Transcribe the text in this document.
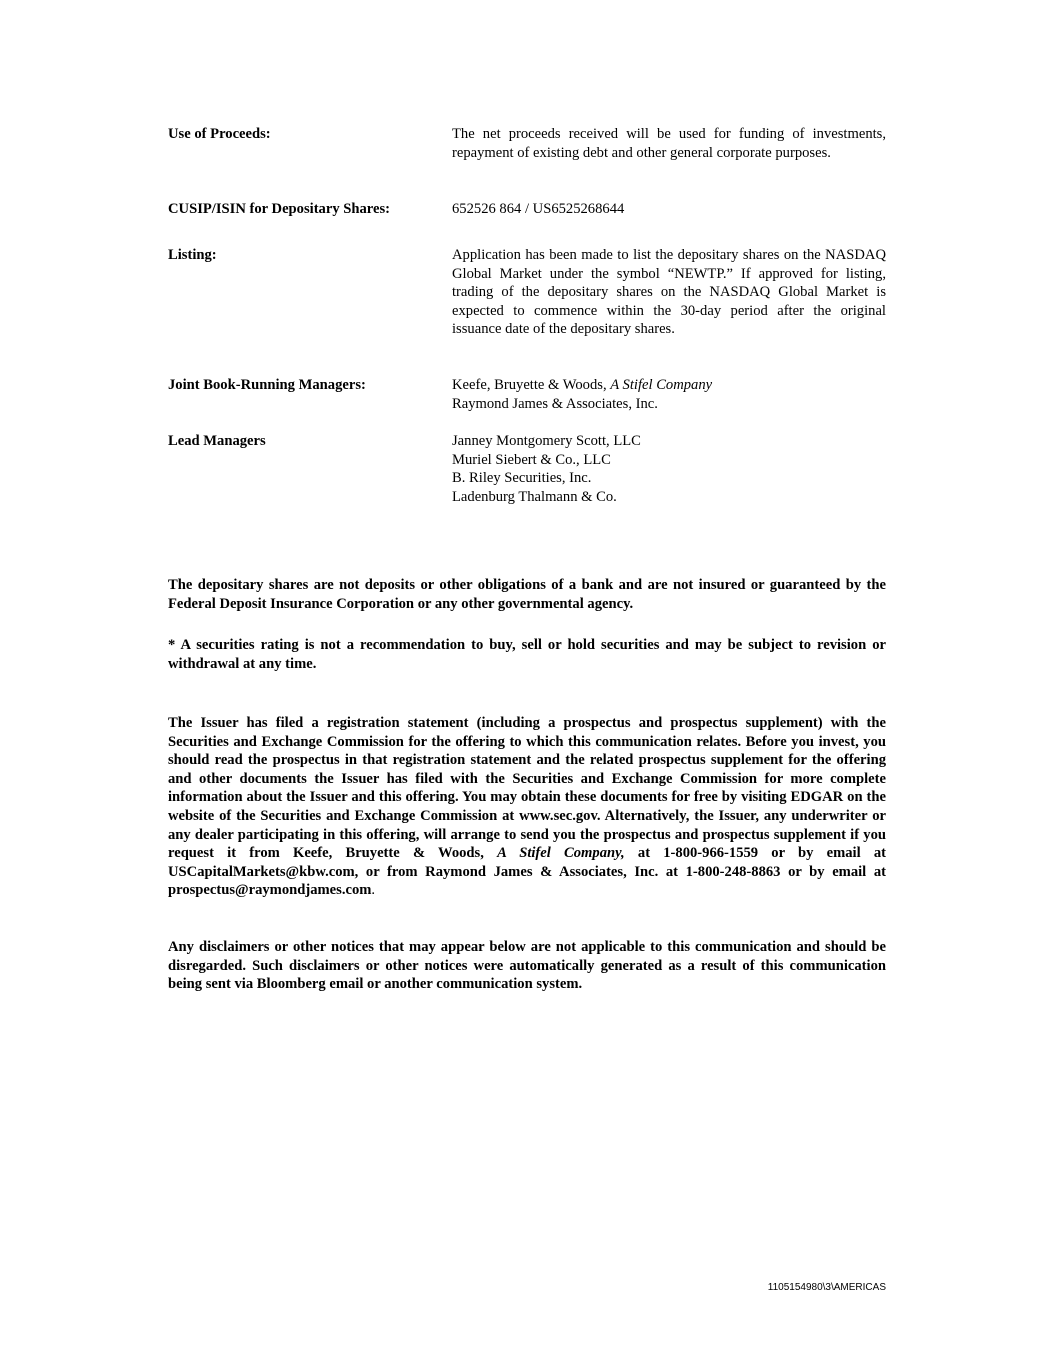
Use of Proceeds:	The net proceeds received will be used for funding of investments, repayment of existing debt and other general corporate purposes.
CUSIP/ISIN for Depositary Shares:	652526 864 / US6525268644
Listing:	Application has been made to list the depositary shares on the NASDAQ Global Market under the symbol “NEWTP.” If approved for listing, trading of the depositary shares on the NASDAQ Global Market is expected to commence within the 30-day period after the original issuance date of the depositary shares.
Joint Book-Running Managers:	Keefe, Bruyette & Woods, A Stifel Company
Raymond James & Associates, Inc.
Lead Managers	Janney Montgomery Scott, LLC
Muriel Siebert & Co., LLC
B. Riley Securities, Inc.
Ladenburg Thalmann & Co.
The depositary shares are not deposits or other obligations of a bank and are not insured or guaranteed by the Federal Deposit Insurance Corporation or any other governmental agency.
* A securities rating is not a recommendation to buy, sell or hold securities and may be subject to revision or withdrawal at any time.
The Issuer has filed a registration statement (including a prospectus and prospectus supplement) with the Securities and Exchange Commission for the offering to which this communication relates. Before you invest, you should read the prospectus in that registration statement and the related prospectus supplement for the offering and other documents the Issuer has filed with the Securities and Exchange Commission for more complete information about the Issuer and this offering. You may obtain these documents for free by visiting EDGAR on the website of the Securities and Exchange Commission at www.sec.gov. Alternatively, the Issuer, any underwriter or any dealer participating in this offering, will arrange to send you the prospectus and prospectus supplement if you request it from Keefe, Bruyette & Woods, A Stifel Company, at 1-800-966-1559 or by email at USCapitalMarkets@kbw.com, or from Raymond James & Associates, Inc. at 1-800-248-8863 or by email at prospectus@raymondjames.com.
Any disclaimers or other notices that may appear below are not applicable to this communication and should be disregarded. Such disclaimers or other notices were automatically generated as a result of this communication being sent via Bloomberg email or another communication system.
1105154980\3\AMERICAS
